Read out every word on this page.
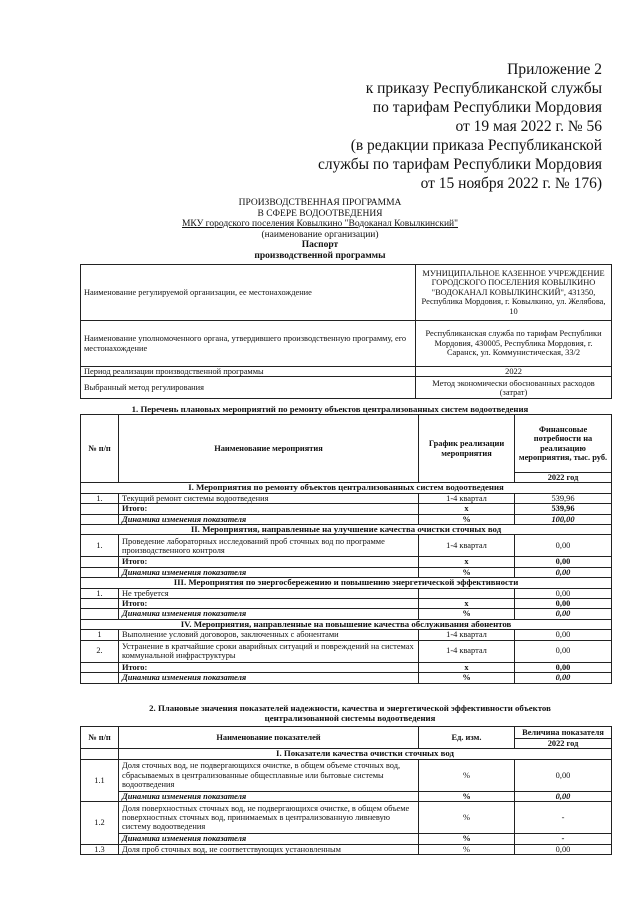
Приложение 2
к приказу Республиканской службы
по тарифам Республики Мордовия
от 19 мая 2022 г. № 56
(в редакции приказа Республиканской
службы по тарифам Республики Мордовия
от 15 ноября 2022 г. № 176)
ПРОИЗВОДСТВЕННАЯ ПРОГРАММА
В СФЕРЕ ВОДООТВЕДЕНИЯ
МКУ городского поселения Ковылкино "Водоканал Ковылкинский"
(наименование организации)
Паспорт
производственной программы
Наименование регулируемой организации, ее местонахождение	МУНИЦИПАЛЬНОЕ КАЗЕННОЕ УЧРЕЖДЕНИЕ ГОРОДСКОГО ПОСЕЛЕНИЯ КОВЫЛКИНО "ВОДОКАНАЛ КОВЫЛКИНСКИЙ", 431350, Республика Мордовия, г. Ковылкино, ул. Желябова, 10
Наименование уполномоченного органа, утвердившего производственную программу, его местонахождение	Республиканская служба по тарифам Республики Мордовия, 430005, Республика Мордовия, г. Саранск, ул. Коммунистическая, 33/2
Период реализации производственной программы	2022
Выбранный метод регулирования	Метод экономически обоснованных расходов (затрат)
1. Перечень плановых мероприятий по ремонту объектов централизованных систем водоотведения
№ п/п	Наименование мероприятия	График реализации мероприятия	Финансовые потребности на реализацию мероприятия, тыс. руб.
			2022 год
I. Мероприятия по ремонту объектов централизованных систем водоотведения			
1.	Текущий ремонт системы водоотведения	1-4 квартал	539,96
	Итого:	х	539,96
	Динамика изменения показателя	%	100,00
II. Мероприятия, направленные на улучшение качества очистки сточных вод			
1.	Проведение лабораторных исследований проб сточных вод по программе производственного контроля	1-4 квартал	0,00
	Итого:	х	0,00
	Динамика изменения показателя	%	0,00
III. Мероприятия по энергосбережению и повышению энергетической эффективности			
1.	Не требуется		0,00
	Итого:	х	0,00
	Динамика изменения показателя	%	0,00
IV. Мероприятия, направленные на повышение качества обслуживания абонентов			
1	Выполнение условий договоров, заключенных с абонентами	1-4 квартал	0,00
2.	Устранение в кратчайшие сроки аварийных ситуаций и повреждений на системах коммунальной инфраструктуры	1-4 квартал	0,00
	Итого:	х	0,00
	Динамика изменения показателя	%	0,00
2. Плановые значения показателей надежности, качества и энергетической эффективности объектов централизованной системы водоотведения
№ п/п	Наименование показателей	Ед. изм.	Величина показателя
			2022 год
	I. Показатели качества очистки сточных вод		
1.1	Доля сточных вод, не подвергающихся очистке, в общем объеме сточных вод, сбрасываемых в централизованные общесплавные или бытовые системы водоотведения	%	0,00
	Динамика изменения показателя	%	0,00
1.2	Доля поверхностных сточных вод, не подвергающихся очистке, в общем объеме поверхностных сточных вод, принимаемых в централизованную ливневую систему водоотведения	%	-
	Динамика изменения показателя	%	-
1.3	Доля проб сточных вод, не соответствующих установленным	%	0,00
